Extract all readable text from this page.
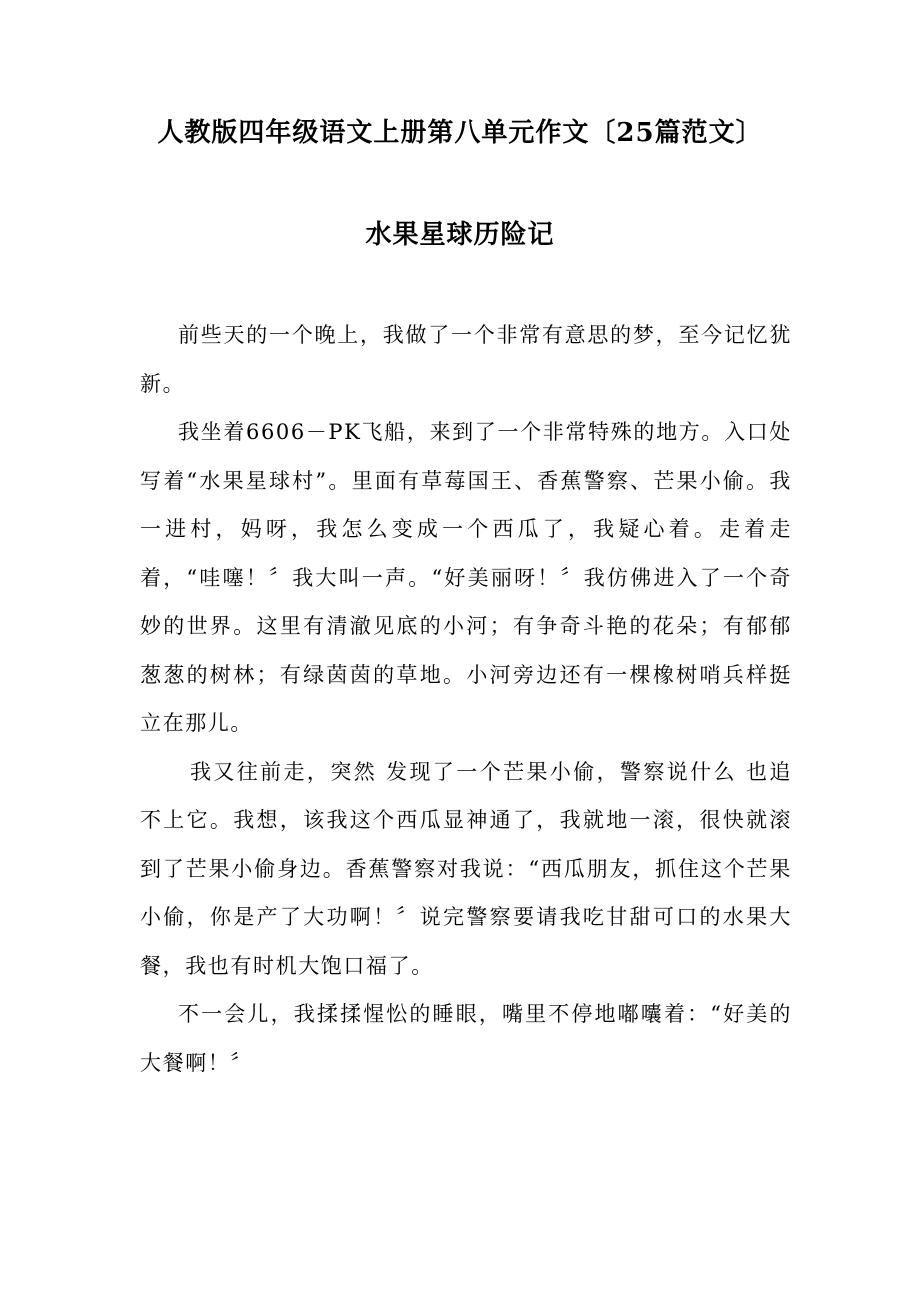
人教版四年级语文上册第八单元作文〔25篇范文〕
水果星球历险记

前些天的一个晚上，我做了一个非常有意思的梦，至今记忆犹新。

我坐着6606－PK飞船，来到了一个非常特殊的地方。入口处写着“水果星球村”。里面有草莓国王、香蕉警察、芒果小偷。我一进村，妈呀，我怎么变成一个西瓜了，我疑心着。走着走着，“哇噻！〞我大叫一声。“好美丽呀！〞我仿佛进入了一个奇妙的世界。这里有清澈见底的小河；有争奇斗艳的花朵；有郁郁葱葱的树林；有绿茵茵的草地。小河旁边还有一棵橡树哨兵样挺立在那儿。

我又往前走，突然 发现了一个芒果小偷，警察说什么 也追不上它。我想，该我这个西瓜显神通了，我就地一滚，很快就滚到了芒果小偷身边。香蕉警察对我说：“西瓜朋友，抓住这个芒果 小偷，你是产了大功啊！〞说完警察要请我吃甘甜可口的水果大餐，我也有时机大饱口福了。

不一会儿，我揉揉惺忪的睡眼，嘴里不停地嘟囔着：“好美的大餐啊！〞
